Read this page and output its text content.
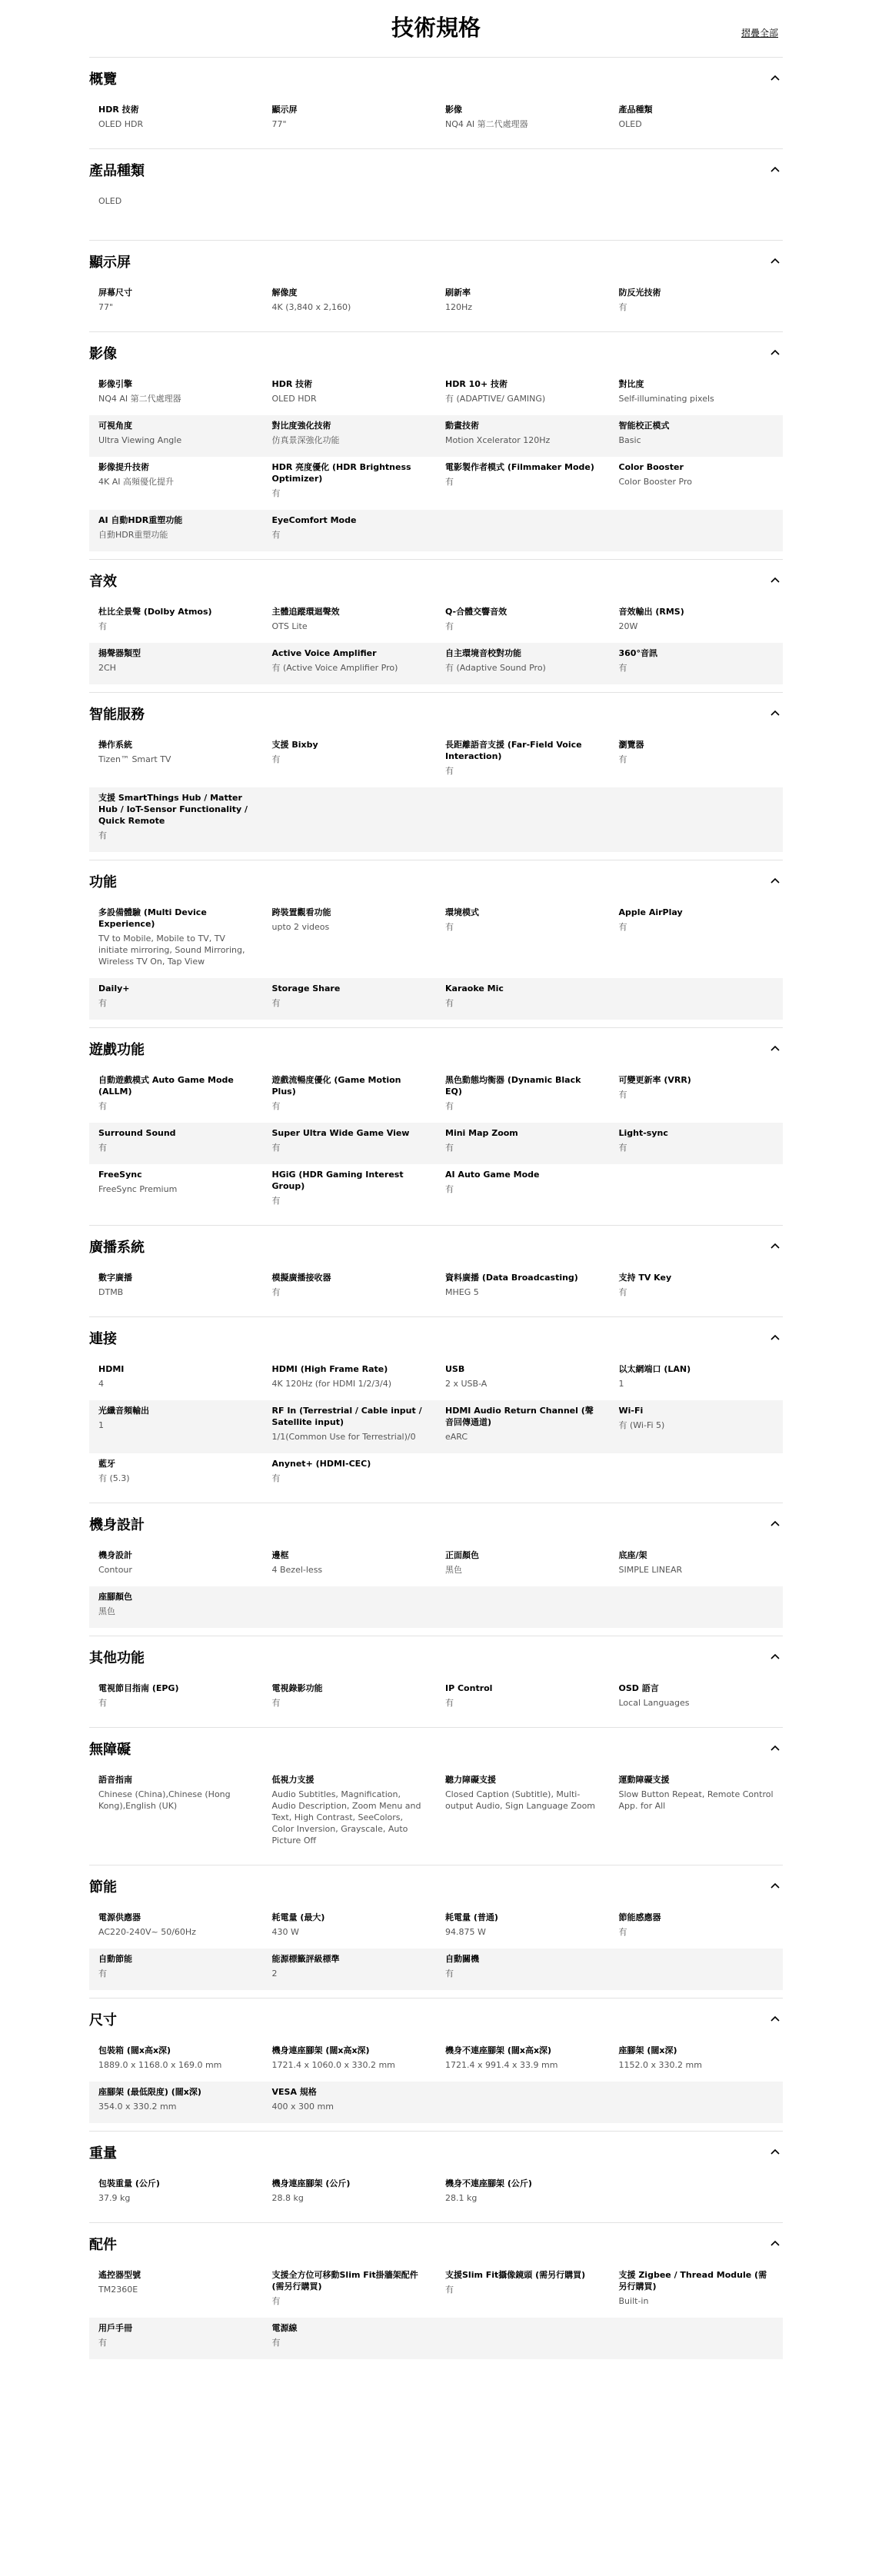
技術規格	摺疊全部
概覽
HDR 技術
OLED HDR
顯示屏
77"
影像
NQ4 AI 第二代處理器
產品種類
OLED
產品種類
OLED
顯示屏
屏幕尺寸
77"
解像度
4K (3,840 x 2,160)
刷新率
120Hz
防反光技術
有
影像
影像引擎
NQ4 AI 第二代處理器
HDR 技術
OLED HDR
HDR 10+ 技術
有 (ADAPTIVE/ GAMING)
對比度
Self-illuminating pixels
可視角度
Ultra Viewing Angle
對比度強化技術
仿真景深強化功能
動畫技術
Motion Xcelerator 120Hz
智能校正模式
Basic
影像提升技術
4K AI 高頻優化提升
HDR 亮度優化 (HDR Brightness Optimizer)
有
電影製作者模式 (Filmmaker Mode)
有
Color Booster
Color Booster Pro
AI 自動HDR重塑功能
自動HDR重塑功能
EyeComfort Mode
有
音效
杜比全景聲 (Dolby Atmos)
有
主體追蹤環迴聲效
OTS Lite
Q-合體交響音效
有
音效輸出 (RMS)
20W
揚聲器類型
2CH
Active Voice Amplifier
有 (Active Voice Amplifier Pro)
自主環境音校對功能
有 (Adaptive Sound Pro)
360°音訊
有
智能服務
操作系統
Tizen™ Smart TV
支援 Bixby
有
長距離語音支援 (Far-Field Voice Interaction)
有
瀏覽器
有
支援 SmartThings Hub / Matter Hub / IoT-Sensor Functionality / Quick Remote
有
功能
多設備體驗 (Multi Device Experience)
TV to Mobile, Mobile to TV, TV initiate mirroring, Sound Mirroring, Wireless TV On, Tap View
跨裝置觀看功能
upto 2 videos
環境模式
有
Apple AirPlay
有
Daily+
有
Storage Share
有
Karaoke Mic
有
遊戲功能
自動遊戲模式 Auto Game Mode (ALLM)
有
遊戲流暢度優化 (Game Motion Plus)
有
黑色動態均衡器 (Dynamic Black EQ)
有
可變更新率 (VRR)
有
Surround Sound
有
Super Ultra Wide Game View
有
Mini Map Zoom
有
Light-sync
有
FreeSync
FreeSync Premium
HGiG (HDR Gaming Interest Group)
有
AI Auto Game Mode
有
廣播系統
數字廣播
DTMB
模擬廣播接收器
有
資料廣播 (Data Broadcasting)
MHEG 5
支持 TV Key
有
連接
HDMI
4
HDMI (High Frame Rate)
4K 120Hz (for HDMI 1/2/3/4)
USB
2 x USB-A
以太網端口 (LAN)
1
光纖音頻輸出
1
RF In (Terrestrial / Cable input / Satellite input)
1/1(Common Use for Terrestrial)/0
HDMI Audio Return Channel (聲音回傳通道)
eARC
Wi-Fi
有 (Wi-Fi 5)
藍牙
有 (5.3)
Anynet+ (HDMI-CEC)
有
機身設計
機身設計
Contour
邊框
4 Bezel-less
正面顏色
黑色
底座/架
SIMPLE LINEAR
座腳顏色
黑色
其他功能
電視節目指南 (EPG)
有
電視錄影功能
有
IP Control
有
OSD 語言
Local Languages
無障礙
語音指南
Chinese (China),Chinese (Hong Kong),English (UK)
低視力支援
Audio Subtitles, Magnification, Audio Description, Zoom Menu and Text, High Contrast, SeeColors, Color Inversion, Grayscale, Auto Picture Off
聽力障礙支援
Closed Caption (Subtitle), Multi-output Audio, Sign Language Zoom
運動障礙支援
Slow Button Repeat, Remote Control App. for All
節能
電源供應器
AC220-240V~ 50/60Hz
耗電量 (最大)
430 W
耗電量 (普通)
94.875 W
節能感應器
有
自動節能
有
能源標籤評級標準
2
自動關機
有
尺寸
包裝箱 (闊x高x深)
1889.0 x 1168.0 x 169.0 mm
機身連座腳架 (闊x高x深)
1721.4 x 1060.0 x 330.2 mm
機身不連座腳架 (闊x高x深)
1721.4 x 991.4 x 33.9 mm
座腳架 (闊x深)
1152.0 x 330.2 mm
座腳架 (最低限度) (闊x深)
354.0 x 330.2 mm
VESA 規格
400 x 300 mm
重量
包裝重量 (公斤)
37.9 kg
機身連座腳架 (公斤)
28.8 kg
機身不連座腳架 (公斤)
28.1 kg
配件
遙控器型號
TM2360E
支援全方位可移動Slim Fit掛牆架配件 (需另行購買)
有
支援Slim Fit攝像鏡頭 (需另行購買)
有
支援 Zigbee / Thread Module (需另行購買)
Built-in
用戶手冊
有
電源線
有
